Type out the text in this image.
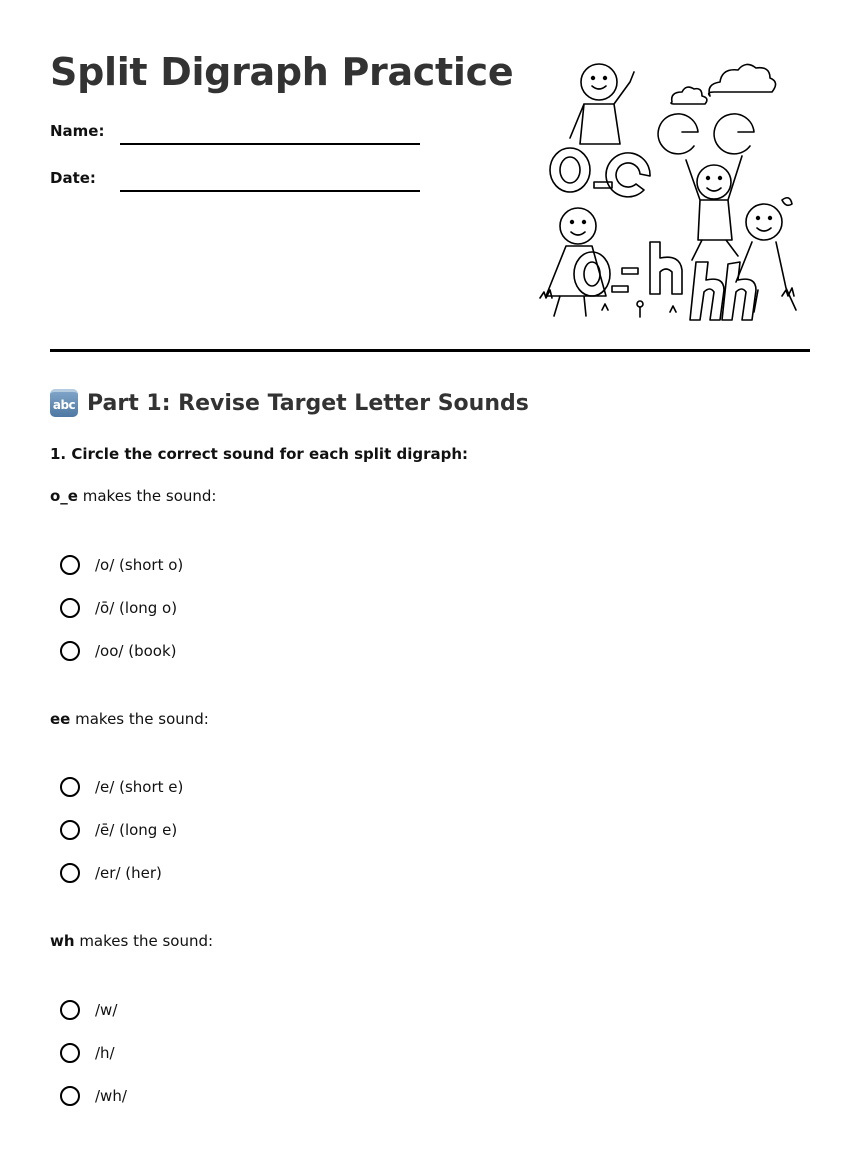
Split Digraph Practice
Name:
Date:
abc Part 1: Revise Target Letter Sounds
1. Circle the correct sound for each split digraph:
o_e makes the sound:
/o/ (short o)
/ō/ (long o)
/oo/ (book)
ee makes the sound:
/e/ (short e)
/ē/ (long e)
/er/ (her)
wh makes the sound:
/w/
/h/
/wh/
